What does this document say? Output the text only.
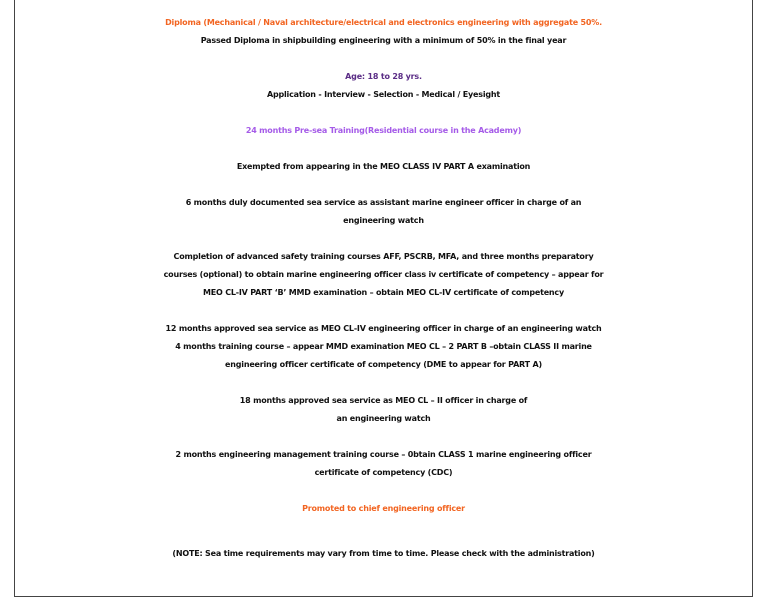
Diploma (Mechanical / Naval architecture/electrical and electronics engineering with aggregate 50%.
Passed Diploma in shipbuilding engineering with a minimum of 50% in the final year
Age: 18 to 28 yrs.
Application - Interview - Selection - Medical / Eyesight
24 months Pre-sea Training(Residential course in the Academy)
Exempted from appearing in the MEO CLASS IV PART A examination
6 months duly documented sea service as assistant marine engineer officer in charge of an
engineering watch
Completion of advanced safety training courses AFF, PSCRB, MFA, and three months preparatory
courses (optional) to obtain marine engineering officer class iv certificate of competency – appear for
MEO CL-IV PART ‘B’ MMD examination – obtain MEO CL-IV certificate of competency
12 months approved sea service as MEO CL-IV engineering officer in charge of an engineering watch
4 months training course – appear MMD examination MEO CL – 2 PART B –obtain CLASS II marine
engineering officer certificate of competency (DME to appear for PART A)
18 months approved sea service as MEO CL – II officer in charge of
an engineering watch
2 months engineering management training course – 0btain CLASS 1 marine engineering officer
certificate of competency (CDC)
Promoted to chief engineering officer
(NOTE: Sea time requirements may vary from time to time. Please check with the administration)
